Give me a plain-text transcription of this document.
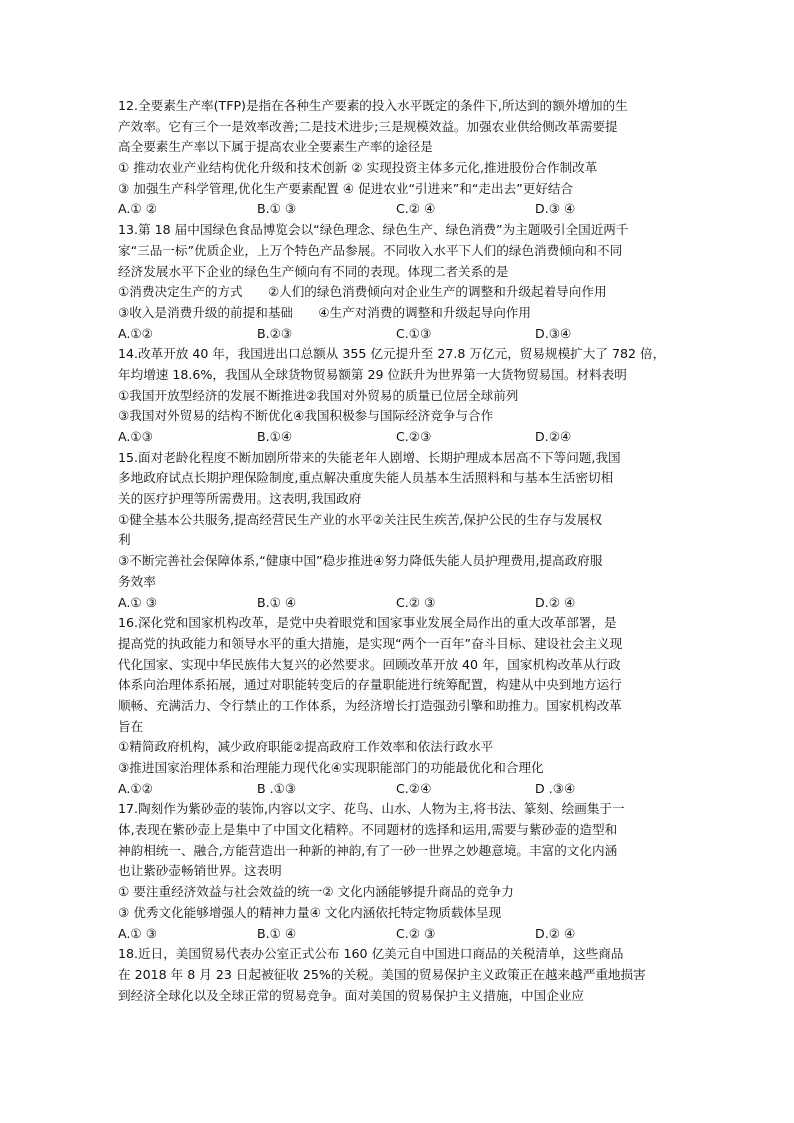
12.全要素生产率(TFP)是指在各种生产要素的投入水平既定的条件下,所达到的额外增加的生
产效率。它有三个一是效率改善;二是技术进步;三是规模效益。加强农业供给侧改革需要提
高全要素生产率以下属于提高农业全要素生产率的途径是
① 推动农业产业结构优化升级和技术创新 ② 实现投资主体多元化,推进股份合作制改革
③ 加强生产科学管理,优化生产要素配置 ④ 促进农业“引进来”和“走出去”更好结合
A.① ②	B.① ③	C.② ④	D.③ ④
13.第 18 届中国绿色食品博览会以“绿色理念、绿色生产、绿色消费”为主题吸引全国近两千
家“三品一标”优质企业，上万个特色产品参展。不同收入水平下人们的绿色消费倾向和不同
经济发展水平下企业的绿色生产倾向有不同的表现。体现二者关系的是
①消费决定生产的方式　　②人们的绿色消费倾向对企业生产的调整和升级起着导向作用
③收入是消费升级的前提和基础　　④生产对消费的调整和升级起导向作用
A.①②	B.②③	C.①③	D.③④
14.改革开放 40 年，我国进出口总额从 355 亿元提升至 27.8 万亿元，贸易规模扩大了 782 倍，
年均增速 18.6%，我国从全球货物贸易额第 29 位跃升为世界第一大货物贸易国。材料表明
①我国开放型经济的发展不断推进②我国对外贸易的质量已位居全球前列
③我国对外贸易的结构不断优化④我国积极参与国际经济竞争与合作
A.①③	B.①④	C.②③	D.②④
15.面对老龄化程度不断加剧所带来的失能老年人剧增、长期护理成本居高不下等问题,我国
多地政府试点长期护理保险制度,重点解决重度失能人员基本生活照料和与基本生活密切相
关的医疗护理等所需费用。这表明,我国政府
①健全基本公共服务,提高经营民生产业的水平②关注民生疾苦,保护公民的生存与发展权
利
③不断完善社会保障体系,“健康中国”稳步推进④努力降低失能人员护理费用,提高政府服
务效率
A.① ③	B.① ④	C.② ③	D.② ④
16.深化党和国家机构改革，是党中央着眼党和国家事业发展全局作出的重大改革部署，是
提高党的执政能力和领导水平的重大措施，是实现“两个一百年”奋斗目标、建设社会主义现
代化国家、实现中华民族伟大复兴的必然要求。回顾改革开放 40 年，国家机构改革从行政
体系向治理体系拓展，通过对职能转变后的存量职能进行统筹配置，构建从中央到地方运行
顺畅、充满活力、令行禁止的工作体系，为经济增长打造强劲引擎和助推力。国家机构改革
旨在
①精简政府机构，减少政府职能②提高政府工作效率和依法行政水平
③推进国家治理体系和治理能力现代化④实现职能部门的功能最优化和合理化
A.①②	B .①③	C.②④	D .③④
17.陶刻作为紫砂壶的装饰,内容以文字、花鸟、山水、人物为主,将书法、篆刻、绘画集于一
体,表现在紫砂壶上是集中了中国文化精粹。不同题材的选择和运用,需要与紫砂壶的造型和
神韵相统一、融合,方能营造出一种新的神韵,有了一砂一世界之妙趣意境。丰富的文化内涵
也让紫砂壶畅销世界。这表明
① 要注重经济效益与社会效益的统一② 文化内涵能够提升商品的竞争力
③ 优秀文化能够增强人的精神力量④ 文化内涵依托特定物质载体呈现
A.① ③	B.① ④	C.② ③	D.② ④
18.近日，美国贸易代表办公室正式公布 160 亿美元自中国进口商品的关税清单，这些商品
在 2018 年 8 月 23 日起被征收 25%的关税。美国的贸易保护主义政策正在越来越严重地损害
到经济全球化以及全球正常的贸易竞争。面对美国的贸易保护主义措施，中国企业应
